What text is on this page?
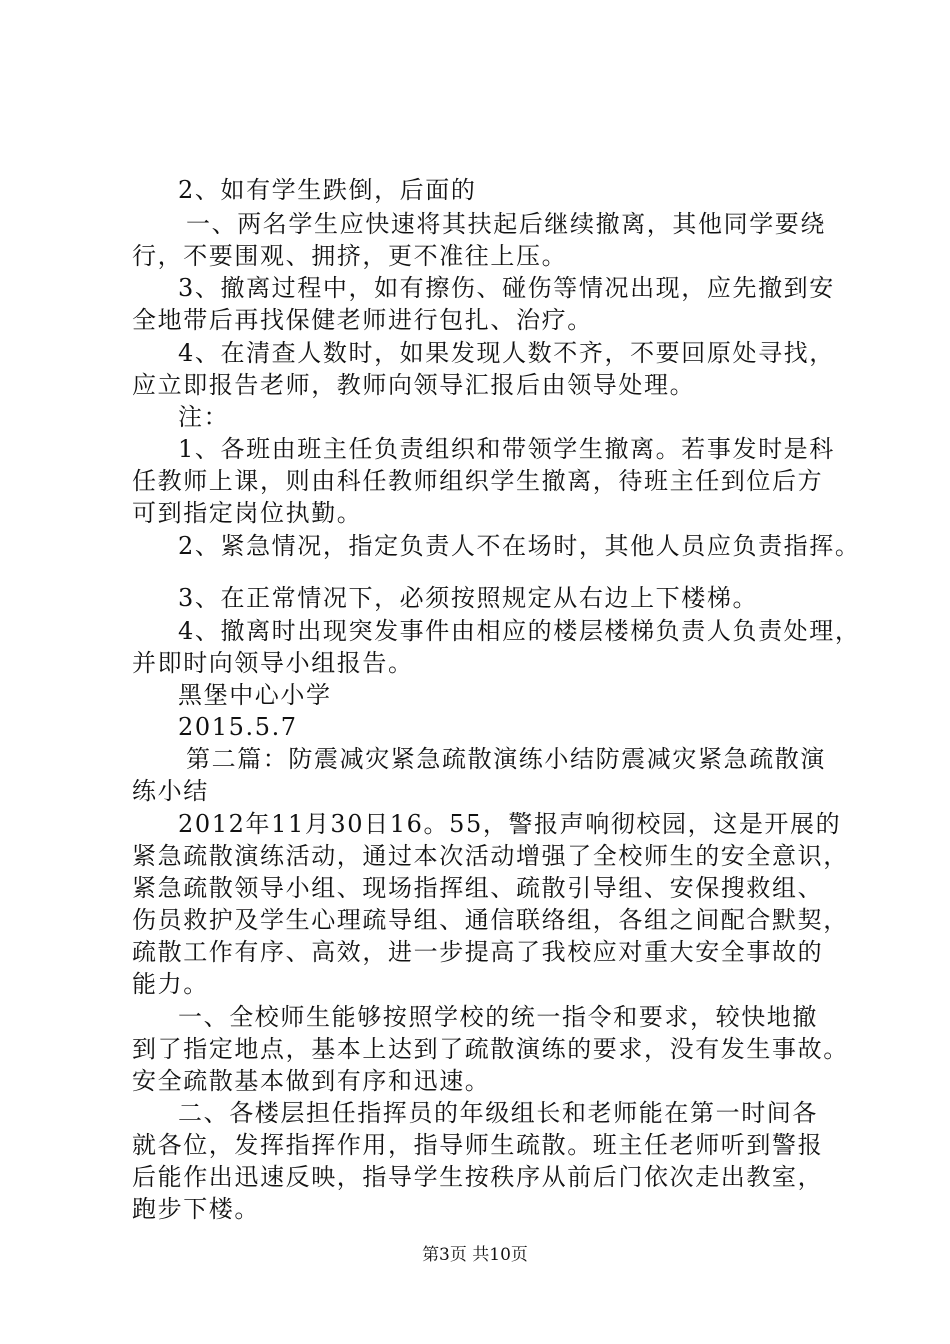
2、如有学生跌倒，后面的
一、两名学生应快速将其扶起后继续撤离，其他同学要绕
行，不要围观、拥挤，更不准往上压。
3、撤离过程中，如有擦伤、碰伤等情况出现，应先撤到安
全地带后再找保健老师进行包扎、治疗。
4、在清查人数时，如果发现人数不齐，不要回原处寻找，
应立即报告老师，教师向领导汇报后由领导处理。
注：
1、各班由班主任负责组织和带领学生撤离。若事发时是科
任教师上课，则由科任教师组织学生撤离，待班主任到位后方
可到指定岗位执勤。
2、紧急情况，指定负责人不在场时，其他人员应负责指挥。
3、在正常情况下，必须按照规定从右边上下楼梯。
4、撤离时出现突发事件由相应的楼层楼梯负责人负责处理，
并即时向领导小组报告。
黑堡中心小学
2015.5.7
第二篇：防震减灾紧急疏散演练小结防震减灾紧急疏散演
练小结
2012年11月30日16。55，警报声响彻校园，这是开展的
紧急疏散演练活动，通过本次活动增强了全校师生的安全意识，
紧急疏散领导小组、现场指挥组、疏散引导组、安保搜救组、
伤员救护及学生心理疏导组、通信联络组，各组之间配合默契，
疏散工作有序、高效，进一步提高了我校应对重大安全事故的
能力。
一、全校师生能够按照学校的统一指令和要求，较快地撤
到了指定地点，基本上达到了疏散演练的要求，没有发生事故。
安全疏散基本做到有序和迅速。
二、各楼层担任指挥员的年级组长和老师能在第一时间各
就各位，发挥指挥作用，指导师生疏散。班主任老师听到警报
后能作出迅速反映，指导学生按秩序从前后门依次走出教室，
跑步下楼。
第3页 共10页
